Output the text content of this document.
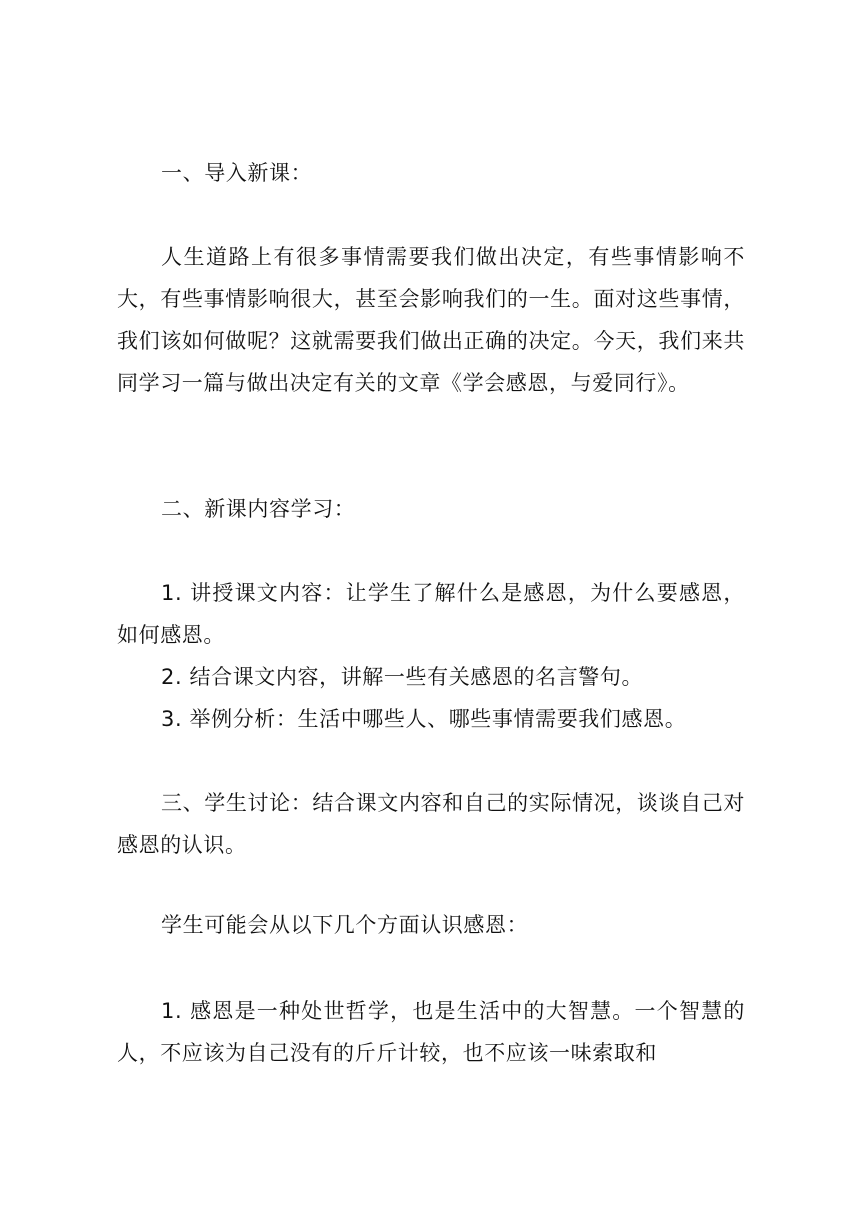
一、导入新课：

人生道路上有很多事情需要我们做出决定，有些事情影响不大，有些事情影响很大，甚至会影响我们的一生。面对这些事情，我们该如何做呢？这就需要我们做出正确的决定。今天，我们来共同学习一篇与做出决定有关的文章《学会感恩，与爱同行》。

二、新课内容学习：

1. 讲授课文内容：让学生了解什么是感恩，为什么要感恩，如何感恩。

2. 结合课文内容，讲解一些有关感恩的名言警句。

3. 举例分析：生活中哪些人、哪些事情需要我们感恩。

三、学生讨论：结合课文内容和自己的实际情况，谈谈自己对感恩的认识。

学生可能会从以下几个方面认识感恩：

1. 感恩是一种处世哲学，也是生活中的大智慧。一个智慧的人，不应该为自己没有的斤斤计较，也不应该一味索取和
